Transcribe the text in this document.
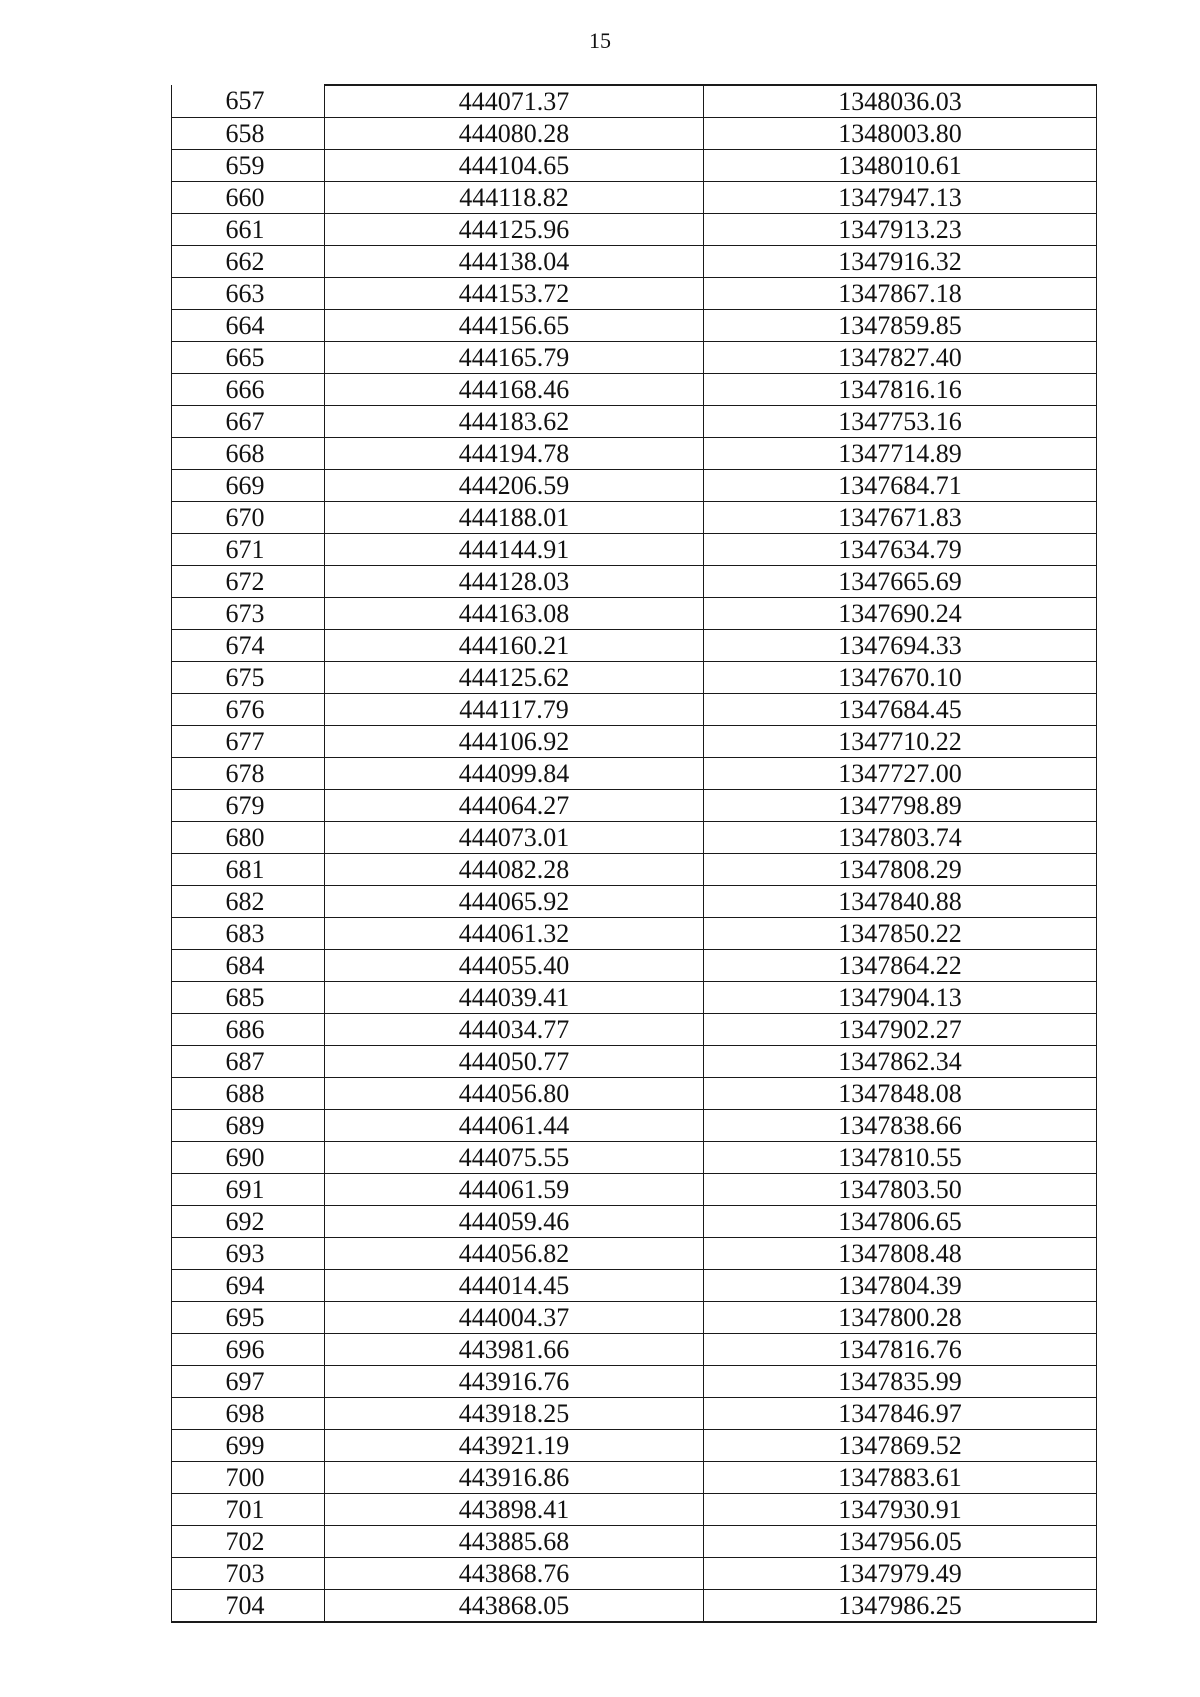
15
657	444071.37	1348036.03
658	444080.28	1348003.80
659	444104.65	1348010.61
660	444118.82	1347947.13
661	444125.96	1347913.23
662	444138.04	1347916.32
663	444153.72	1347867.18
664	444156.65	1347859.85
665	444165.79	1347827.40
666	444168.46	1347816.16
667	444183.62	1347753.16
668	444194.78	1347714.89
669	444206.59	1347684.71
670	444188.01	1347671.83
671	444144.91	1347634.79
672	444128.03	1347665.69
673	444163.08	1347690.24
674	444160.21	1347694.33
675	444125.62	1347670.10
676	444117.79	1347684.45
677	444106.92	1347710.22
678	444099.84	1347727.00
679	444064.27	1347798.89
680	444073.01	1347803.74
681	444082.28	1347808.29
682	444065.92	1347840.88
683	444061.32	1347850.22
684	444055.40	1347864.22
685	444039.41	1347904.13
686	444034.77	1347902.27
687	444050.77	1347862.34
688	444056.80	1347848.08
689	444061.44	1347838.66
690	444075.55	1347810.55
691	444061.59	1347803.50
692	444059.46	1347806.65
693	444056.82	1347808.48
694	444014.45	1347804.39
695	444004.37	1347800.28
696	443981.66	1347816.76
697	443916.76	1347835.99
698	443918.25	1347846.97
699	443921.19	1347869.52
700	443916.86	1347883.61
701	443898.41	1347930.91
702	443885.68	1347956.05
703	443868.76	1347979.49
704	443868.05	1347986.25
